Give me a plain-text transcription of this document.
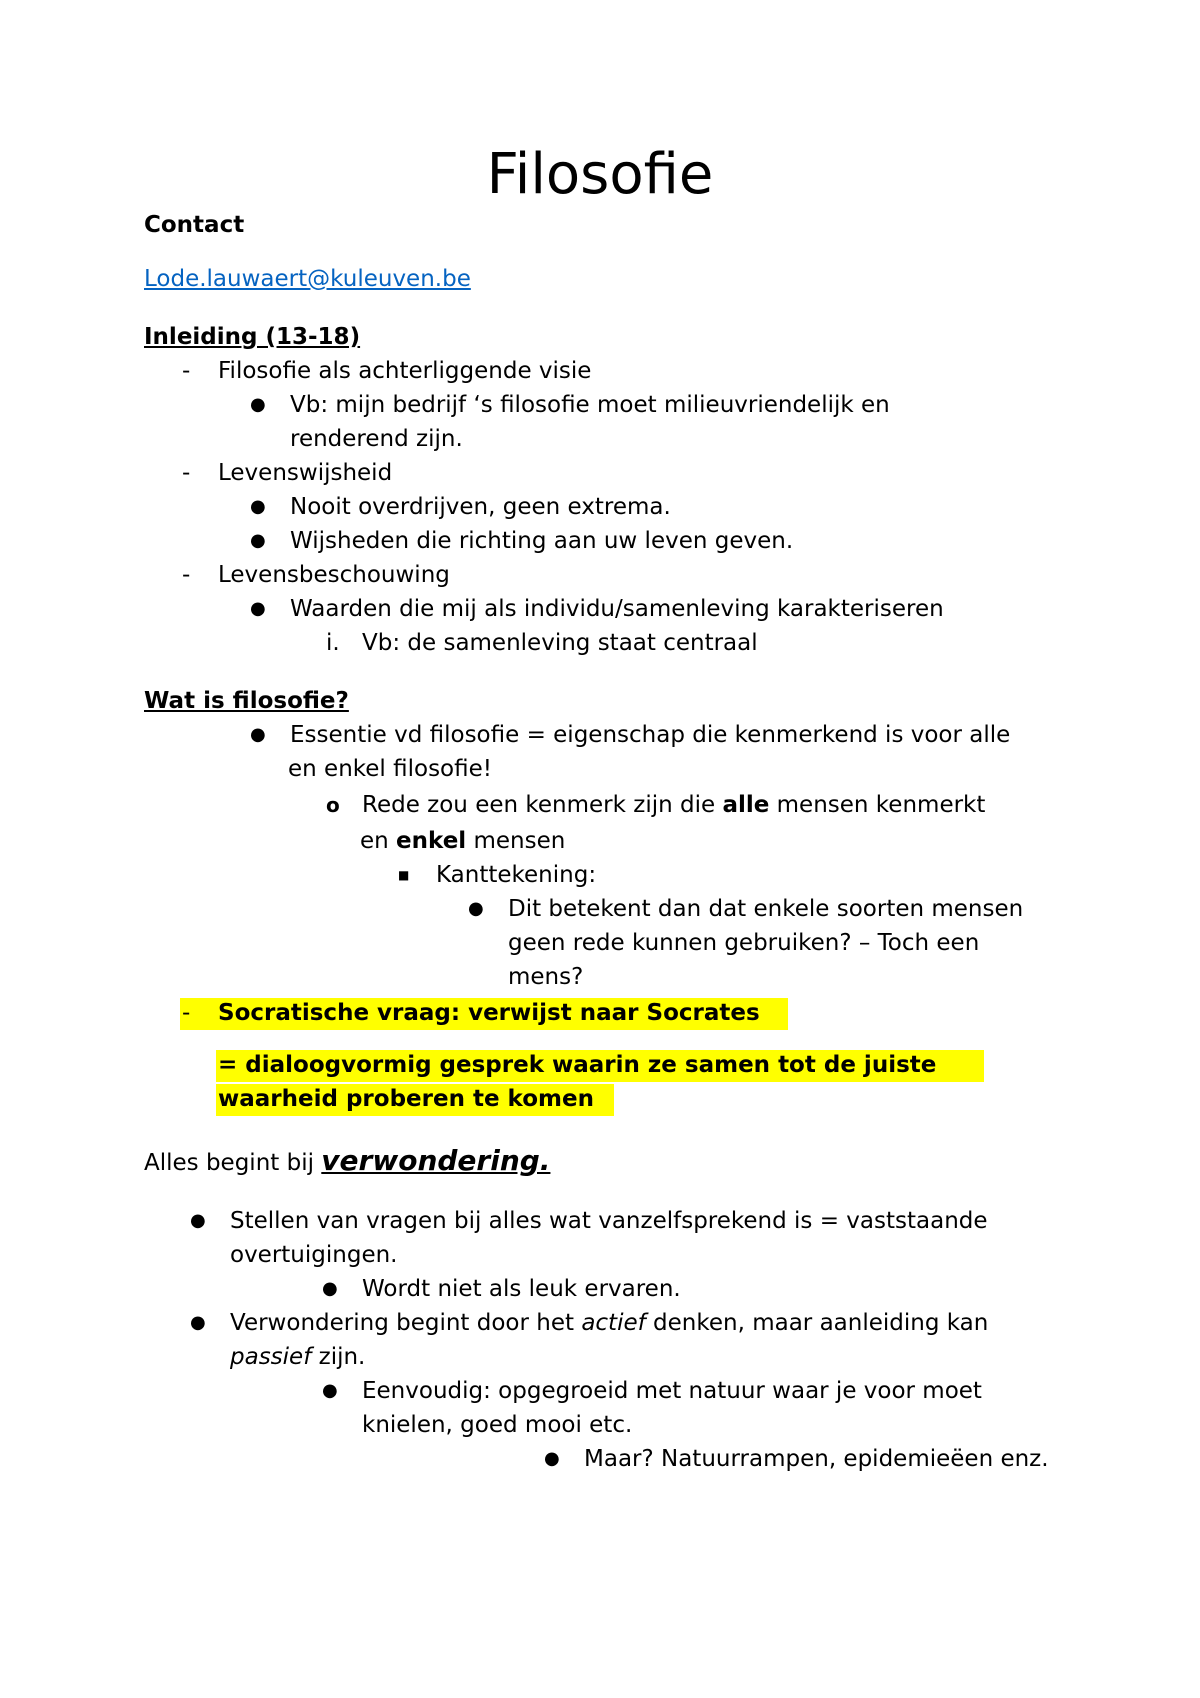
Filosofie
Contact
Lode.lauwaert@kuleuven.be
Inleiding (13-18)
- Filosofie als achterliggende visie
● Vb: mijn bedrijf ‘s filosofie moet milieuvriendelijk en
renderend zijn.
- Levenswijsheid
● Nooit overdrijven, geen extrema.
● Wijsheden die richting aan uw leven geven.
- Levensbeschouwing
● Waarden die mij als individu/samenleving karakteriseren
i. Vb: de samenleving staat centraal
Wat is filosofie?
● Essentie vd filosofie = eigenschap die kenmerkend is voor alle
en enkel filosofie!
o Rede zou een kenmerk zijn die alle mensen kenmerkt
en enkel mensen
■ Kanttekening:
● Dit betekent dan dat enkele soorten mensen
geen rede kunnen gebruiken? – Toch een
mens?
- Socratische vraag: verwijst naar Socrates
= dialoogvormig gesprek waarin ze samen tot de juiste
waarheid proberen te komen
Alles begint bij verwondering.
● Stellen van vragen bij alles wat vanzelfsprekend is = vaststaande
overtuigingen.
● Wordt niet als leuk ervaren.
● Verwondering begint door het actief denken, maar aanleiding kan
passief zijn.
● Eenvoudig: opgegroeid met natuur waar je voor moet
knielen, goed mooi etc.
● Maar? Natuurrampen, epidemieëen enz.
